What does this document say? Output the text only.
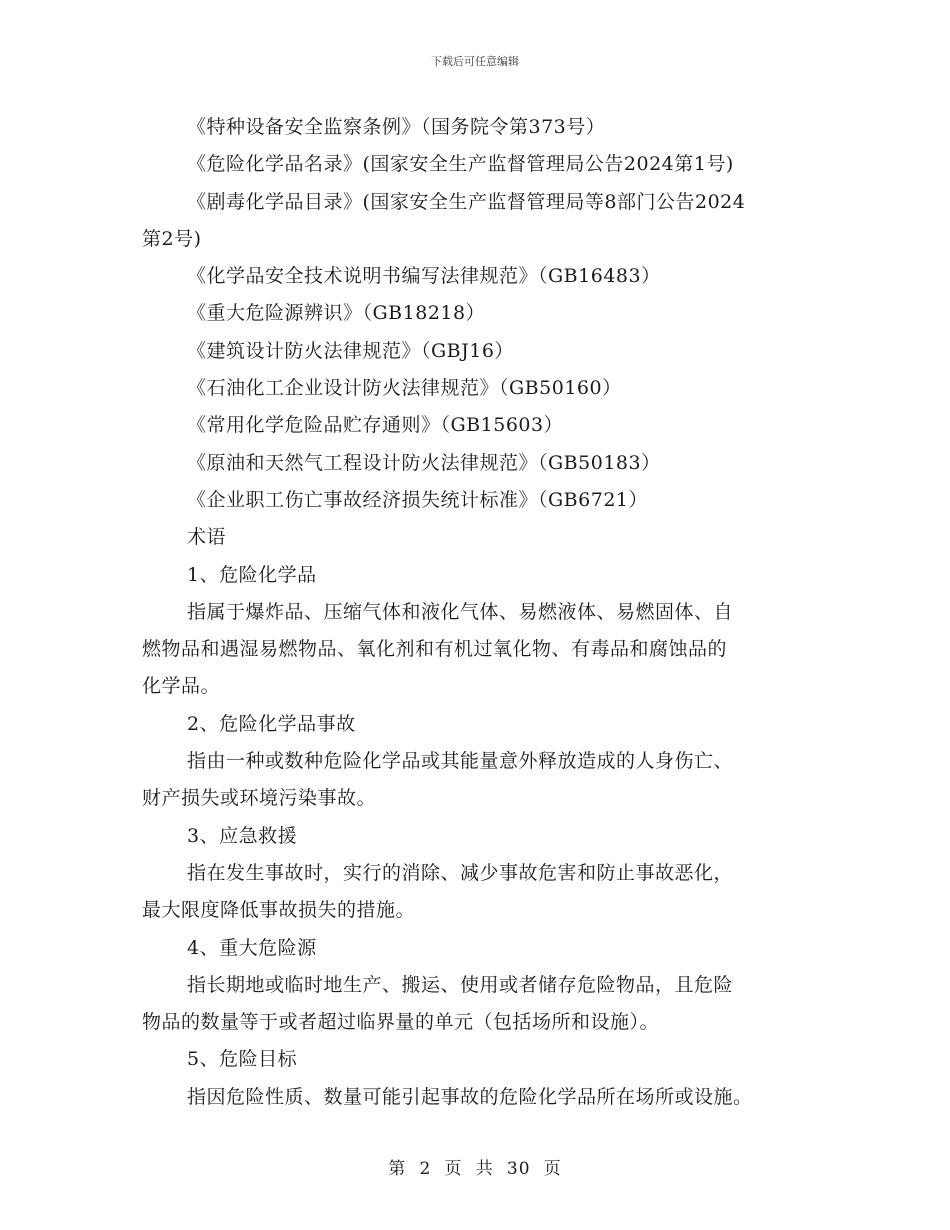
下载后可任意编辑
《特种设备安全监察条例》（国务院令第373号）
《危险化学品名录》(国家安全生产监督管理局公告2024第1号)
《剧毒化学品目录》(国家安全生产监督管理局等8部门公告2024
第2号)
《化学品安全技术说明书编写法律规范》（GB16483）
《重大危险源辨识》（GB18218）
《建筑设计防火法律规范》（GBJ16）
《石油化工企业设计防火法律规范》（GB50160）
《常用化学危险品贮存通则》（GB15603）
《原油和天然气工程设计防火法律规范》（GB50183）
《企业职工伤亡事故经济损失统计标准》（GB6721）
术语
1、危险化学品
指属于爆炸品、压缩气体和液化气体、易燃液体、易燃固体、自
燃物品和遇湿易燃物品、氧化剂和有机过氧化物、有毒品和腐蚀品的
化学品。
2、危险化学品事故
指由一种或数种危险化学品或其能量意外释放造成的人身伤亡、
财产损失或环境污染事故。
3、应急救援
指在发生事故时，实行的消除、减少事故危害和防止事故恶化，
最大限度降低事故损失的措施。
4、重大危险源
指长期地或临时地生产、搬运、使用或者储存危险物品，且危险
物品的数量等于或者超过临界量的单元（包括场所和设施）。
5、危险目标
指因危险性质、数量可能引起事故的危险化学品所在场所或设施。
第 2 页 共 30 页
